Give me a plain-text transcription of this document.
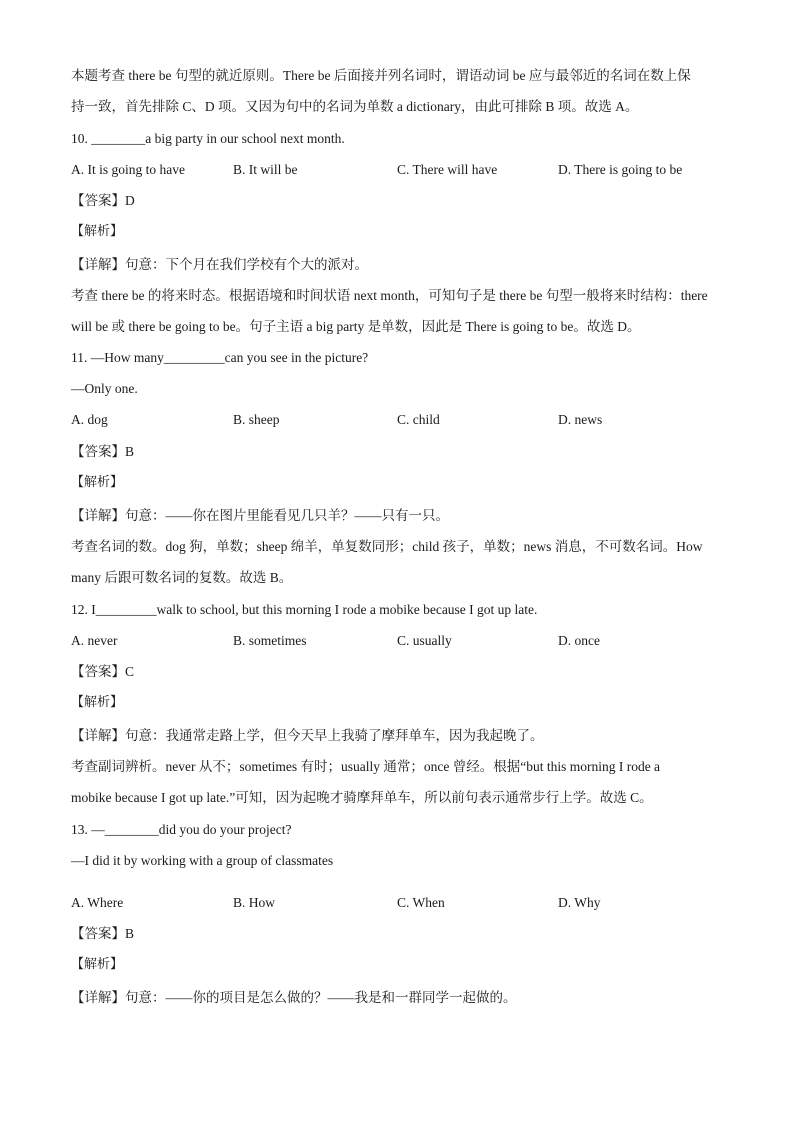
本题考查 there be 句型的就近原则。There be 后面接并列名词时，谓语动词 be 应与最邻近的名词在数上保
持一致，首先排除 C、D 项。又因为句中的名词为单数 a dictionary，由此可排除 B 项。故选 A。
10. ________a big party in our school next month.
A. It is going to have	B. It will be	C. There will have	D. There is going to be
【答案】D
【解析】
【详解】句意：下个月在我们学校有个大的派对。
考查 there be 的将来时态。根据语境和时间状语 next month，可知句子是 there be 句型一般将来时结构：there
will be 或 there be going to be。句子主语 a big party 是单数，因此是 There is going to be。故选 D。
11. —How many_________can you see in the picture?
—Only one.
A. dog	B. sheep	C. child	D. news
【答案】B
【解析】
【详解】句意：——你在图片里能看见几只羊？——只有一只。
考查名词的数。dog 狗，单数；sheep 绵羊，单复数同形；child 孩子，单数；news 消息，不可数名词。How
many 后跟可数名词的复数。故选 B。
12. I_________walk to school, but this morning I rode a mobike because I got up late.
A. never	B. sometimes	C. usually	D. once
【答案】C
【解析】
【详解】句意：我通常走路上学，但今天早上我骑了摩拜单车，因为我起晚了。
考查副词辨析。never 从不；sometimes 有时；usually 通常；once 曾经。根据“but this morning I rode a
mobike because I got up late.”可知，因为起晚才骑摩拜单车，所以前句表示通常步行上学。故选 C。
13. —________did you do your project?
—I did it by working with a group of classmates
A. Where	B. How	C. When	D. Why
【答案】B
【解析】
【详解】句意：——你的项目是怎么做的？——我是和一群同学一起做的。
